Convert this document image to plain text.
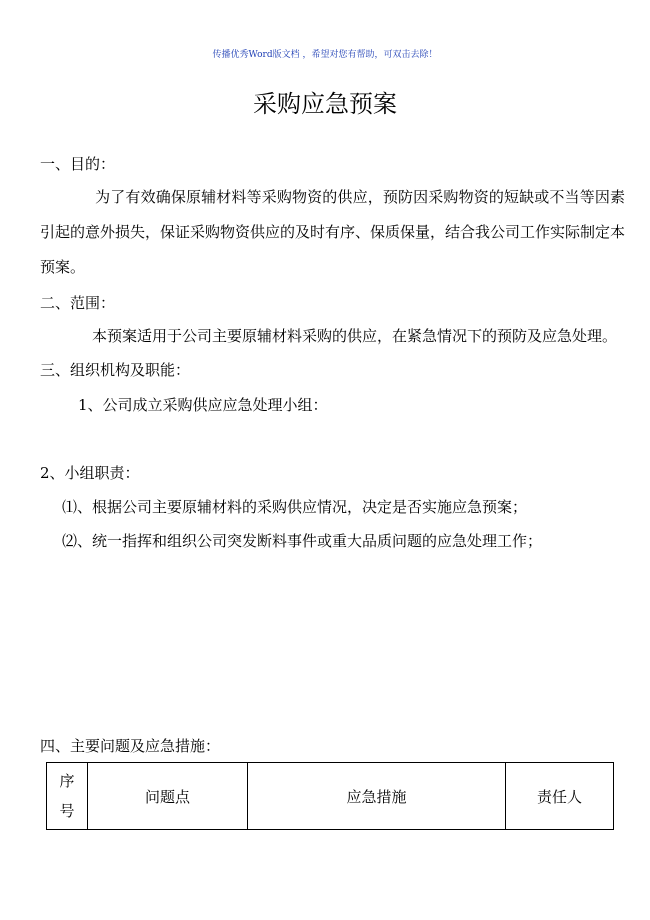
传播优秀Word版文档 ，希望对您有帮助，可双击去除！
采购应急预案
一、目的：
为了有效确保原辅材料等采购物资的供应，预防因采购物资的短缺或不当等因素引起的意外损失，保证采购物资供应的及时有序、保质保量，结合我公司工作实际制定本预案。
二、范围：
本预案适用于公司主要原辅材料采购的供应，在紧急情况下的预防及应急处理。
三、组织机构及职能：
1、公司成立采购供应应急处理小组：
2、小组职责：
⑴、根据公司主要原辅材料的采购供应情况，决定是否实施应急预案；
⑵、统一指挥和组织公司突发断料事件或重大品质问题的应急处理工作；
四、主要问题及应急措施：
序
号	问题点	应急措施	责任人
